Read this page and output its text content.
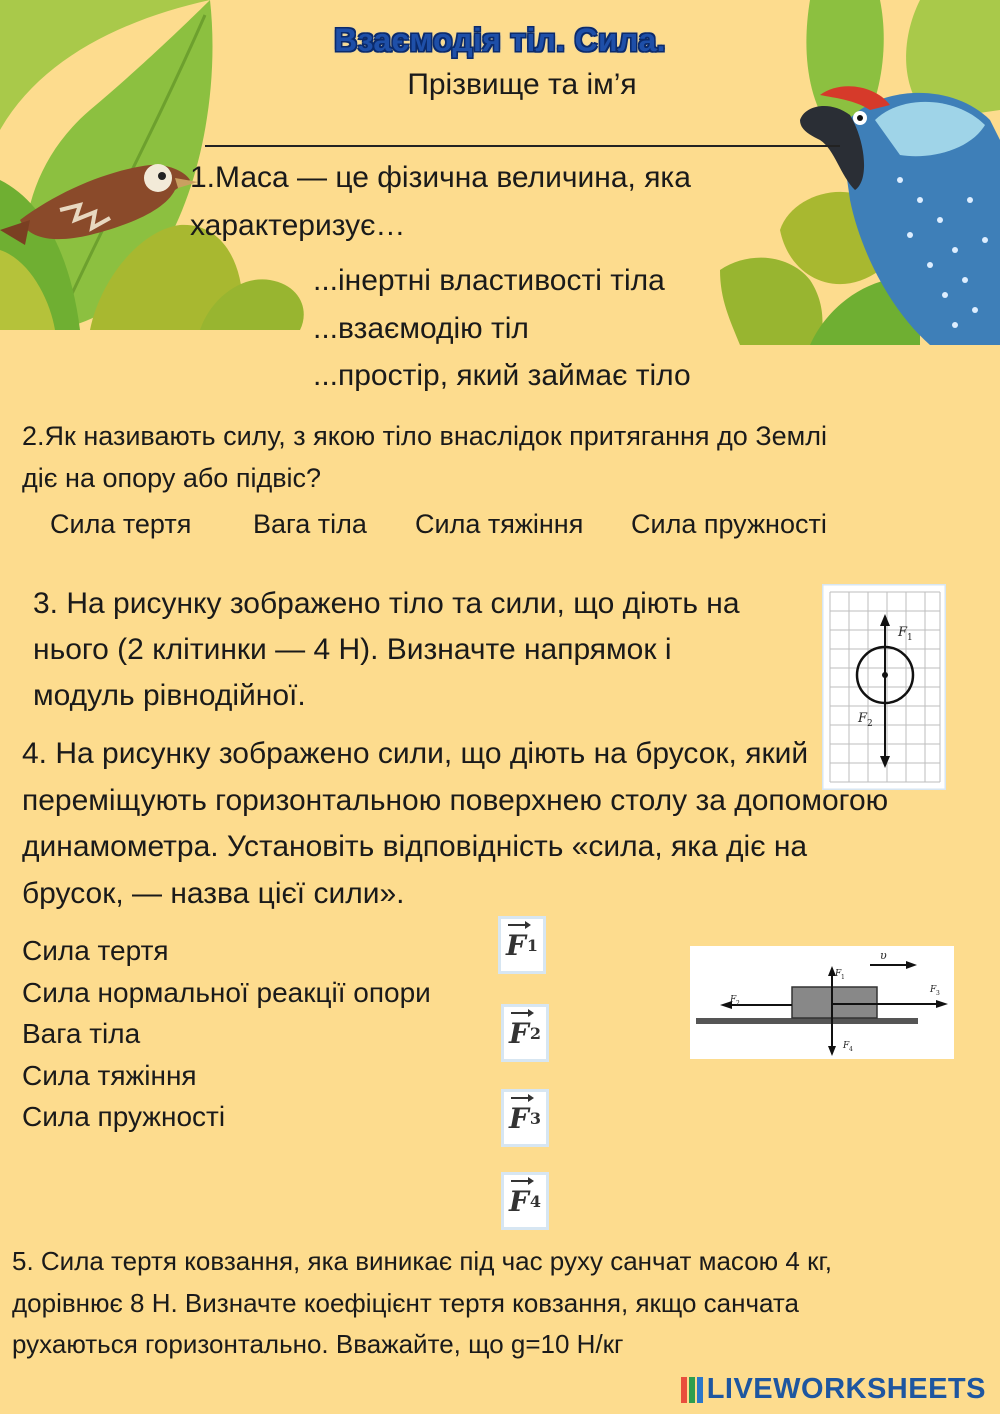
Взаємодія тіл. Сила.
Прізвище та ім’я
1.Маса — це фізична величина, яка
характеризує…
...інертні властивості тіла
...взаємодію тіл
...простір, який займає тіло
2.Як називають силу, з якою тіло внаслідок притягання до Землі
діє на опору або підвіс?
Сила тертя Вага тіла Сила тяжіння Сила пружності
3. На рисунку зображено тіло та сили, що діють на
нього (2 клітинки — 4 Н). Визначте напрямок і
модуль рівнодійної.
F 1
F 2
4. На рисунку зображено сили, що діють на брусок, який
переміщують горизонтальною поверхнею столу за допомогою
динамометра. Установіть відповідність «сила, яка діє на
брусок, — назва цієї сили».
Сила тертя
Сила нормальної реакції опори
Вага тіла
Сила тяжіння
Сила пружності
F 1
F 2
F 3
F 4
υ
F 1
F 2
F 3
F 4
5. Сила тертя ковзання, яка виникає під час руху санчат масою 4 кг,
дорівнює 8 Н. Визначте коефіцієнт тертя ковзання, якщо санчата
рухаються горизонтально. Вважайте, що g=10 Н/кг
LIVEWORKSHEETS
